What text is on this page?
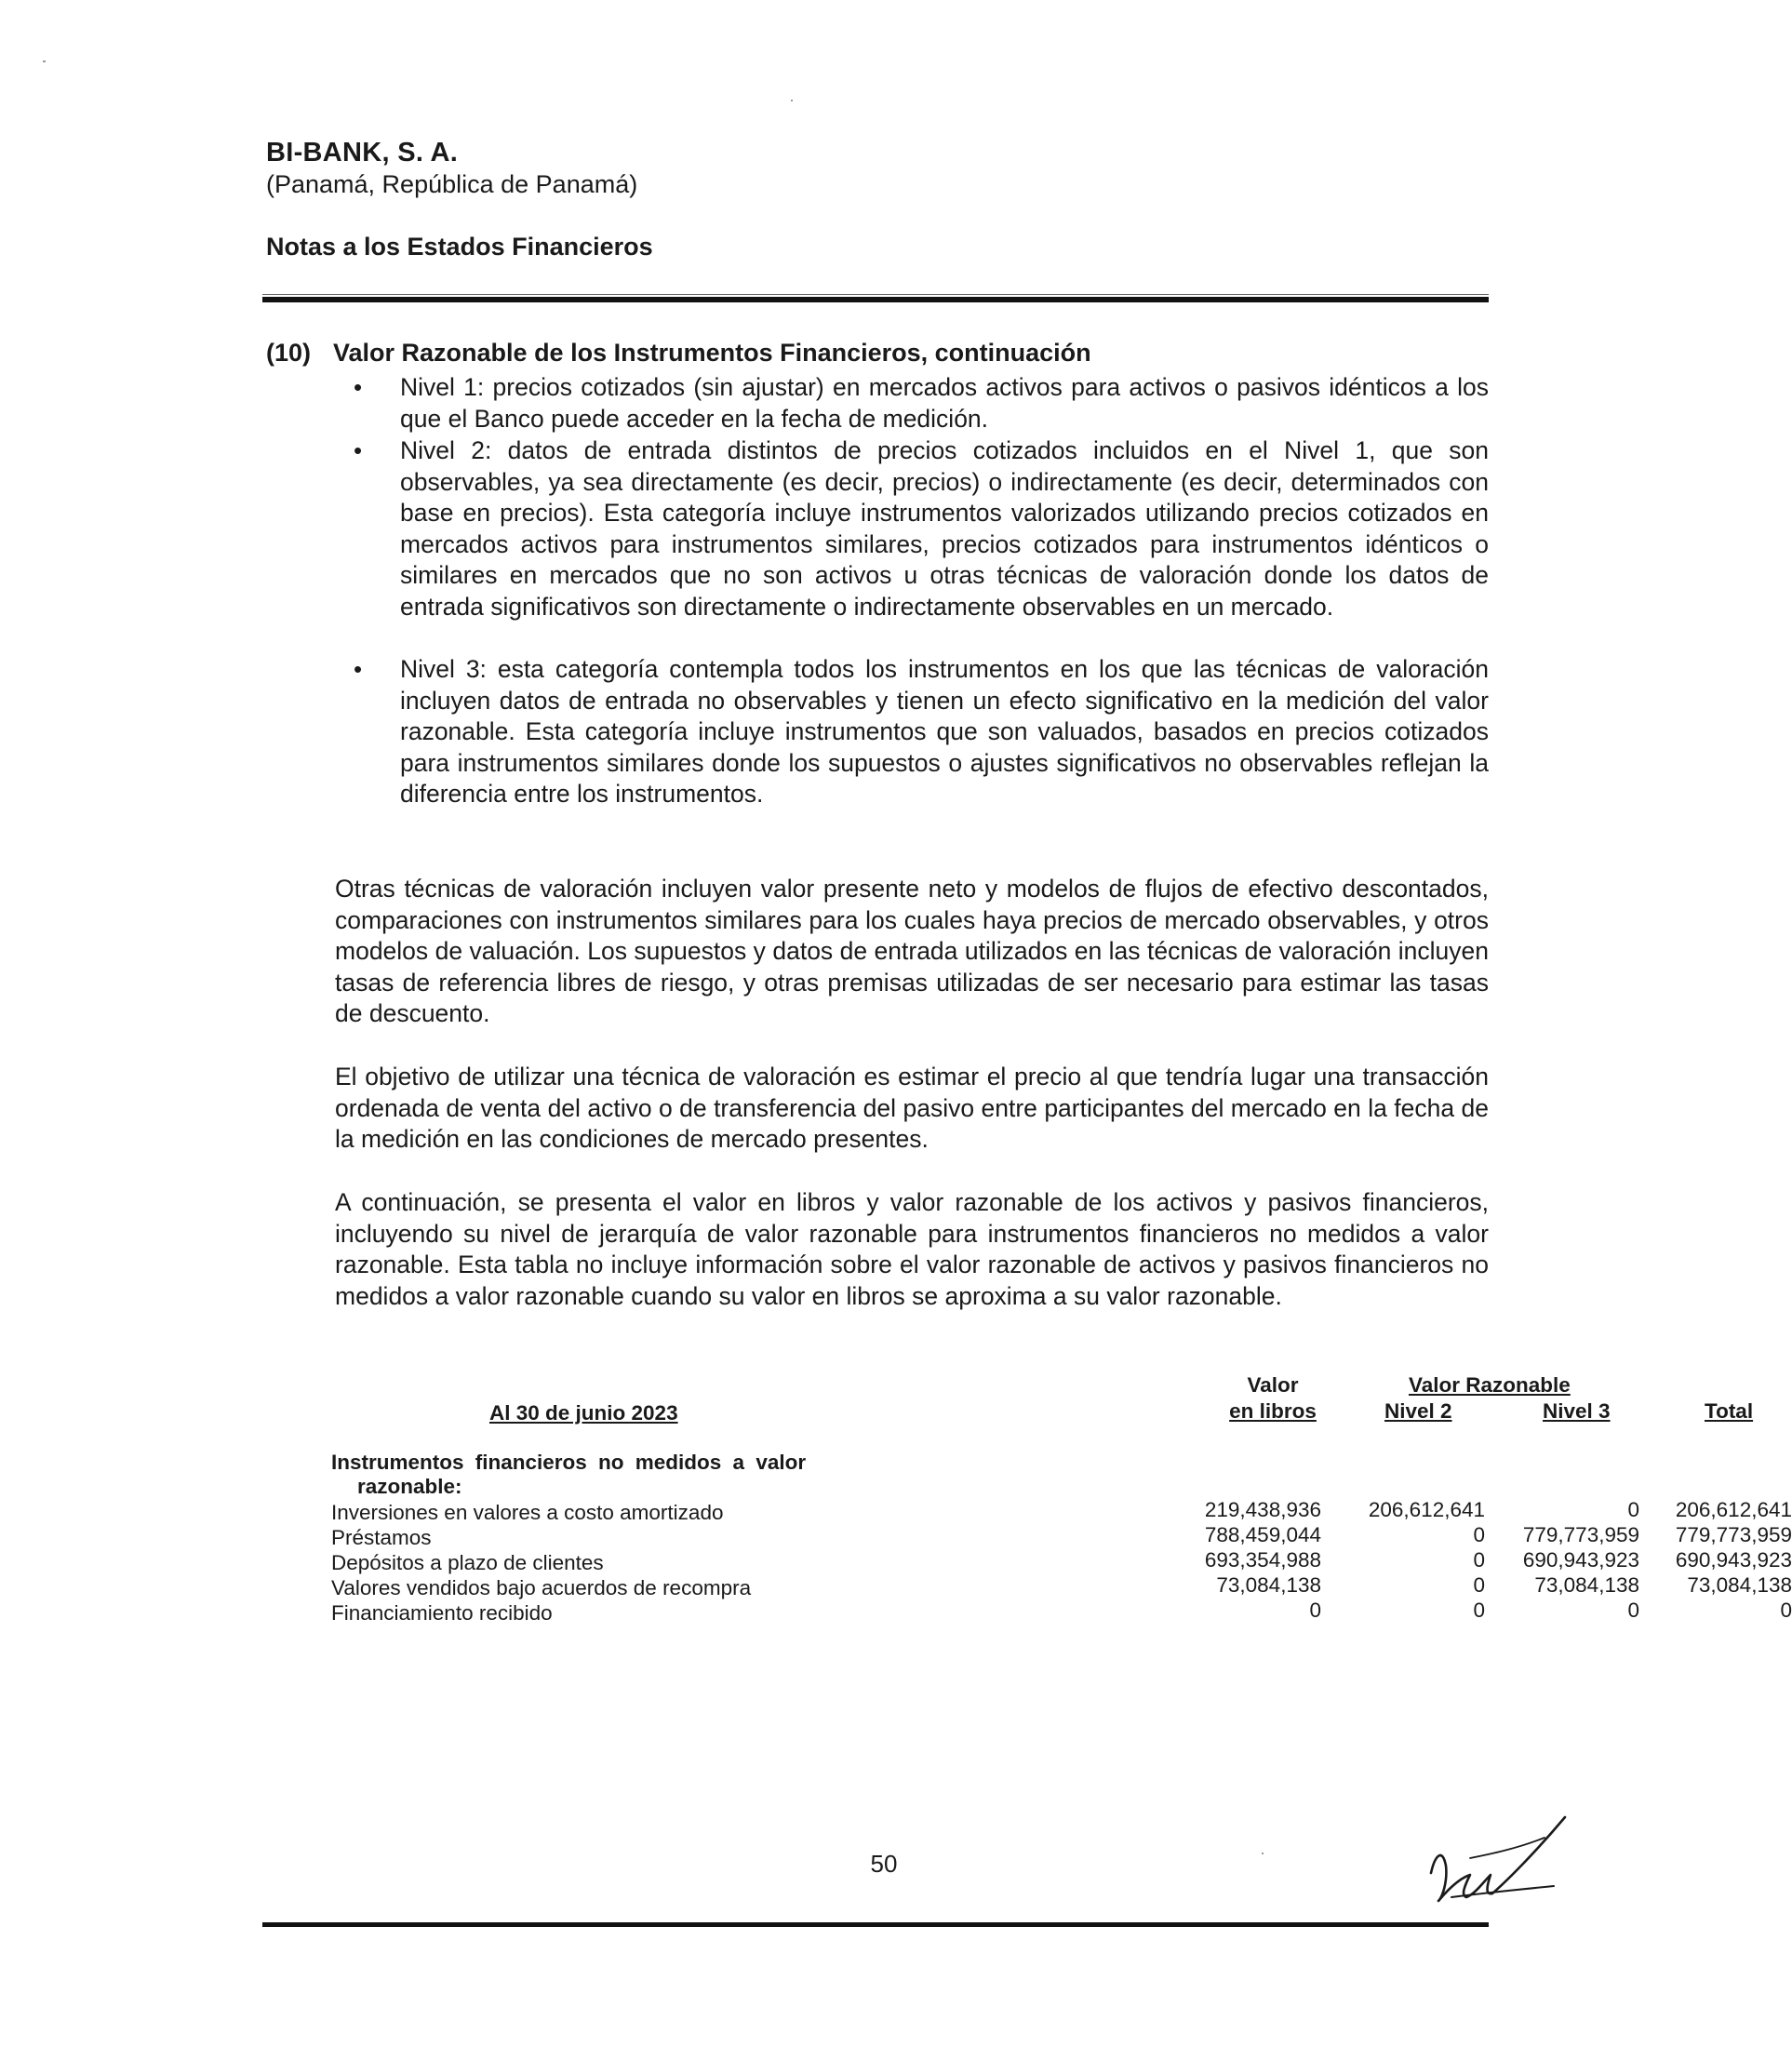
BI-BANK, S. A.
(Panamá, República de Panamá)
Notas a los Estados Financieros
(10) Valor Razonable de los Instrumentos Financieros, continuación
• Nivel 1: precios cotizados (sin ajustar) en mercados activos para activos o pasivos idénticos a los que el Banco puede acceder en la fecha de medición.
• Nivel 2: datos de entrada distintos de precios cotizados incluidos en el Nivel 1, que son observables, ya sea directamente (es decir, precios) o indirectamente (es decir, determinados con base en precios). Esta categoría incluye instrumentos valorizados utilizando precios cotizados en mercados activos para instrumentos similares, precios cotizados para instrumentos idénticos o similares en mercados que no son activos u otras técnicas de valoración donde los datos de entrada significativos son directamente o indirectamente observables en un mercado.
• Nivel 3: esta categoría contempla todos los instrumentos en los que las técnicas de valoración incluyen datos de entrada no observables y tienen un efecto significativo en la medición del valor razonable. Esta categoría incluye instrumentos que son valuados, basados en precios cotizados para instrumentos similares donde los supuestos o ajustes significativos no observables reflejan la diferencia entre los instrumentos.

Otras técnicas de valoración incluyen valor presente neto y modelos de flujos de efectivo descontados, comparaciones con instrumentos similares para los cuales haya precios de mercado observables, y otros modelos de valuación. Los supuestos y datos de entrada utilizados en las técnicas de valoración incluyen tasas de referencia libres de riesgo, y otras premisas utilizadas de ser necesario para estimar las tasas de descuento.

El objetivo de utilizar una técnica de valoración es estimar el precio al que tendría lugar una transacción ordenada de venta del activo o de transferencia del pasivo entre participantes del mercado en la fecha de la medición en las condiciones de mercado presentes.

A continuación, se presenta el valor en libros y valor razonable de los activos y pasivos financieros, incluyendo su nivel de jerarquía de valor razonable para instrumentos financieros no medidos a valor razonable. Esta tabla no incluye información sobre el valor razonable de activos y pasivos financieros no medidos a valor razonable cuando su valor en libros se aproxima a su valor razonable.

Valor
en libros
Valor Razonable
Nivel 2	Nivel 3	Total
Al 30 de junio 2023
Instrumentos financieros no medidos a valor
razonable:
Inversiones en valores a costo amortizado	219,438,936	206,612,641	0	206,612,641
Préstamos	788,459,044	0	779,773,959	779,773,959
Depósitos a plazo de clientes	693,354,988	0	690,943,923	690,943,923
Valores vendidos bajo acuerdos de recompra	73,084,138	0	73,084,138	73,084,138
Financiamiento recibido	0	0	0	0
50
